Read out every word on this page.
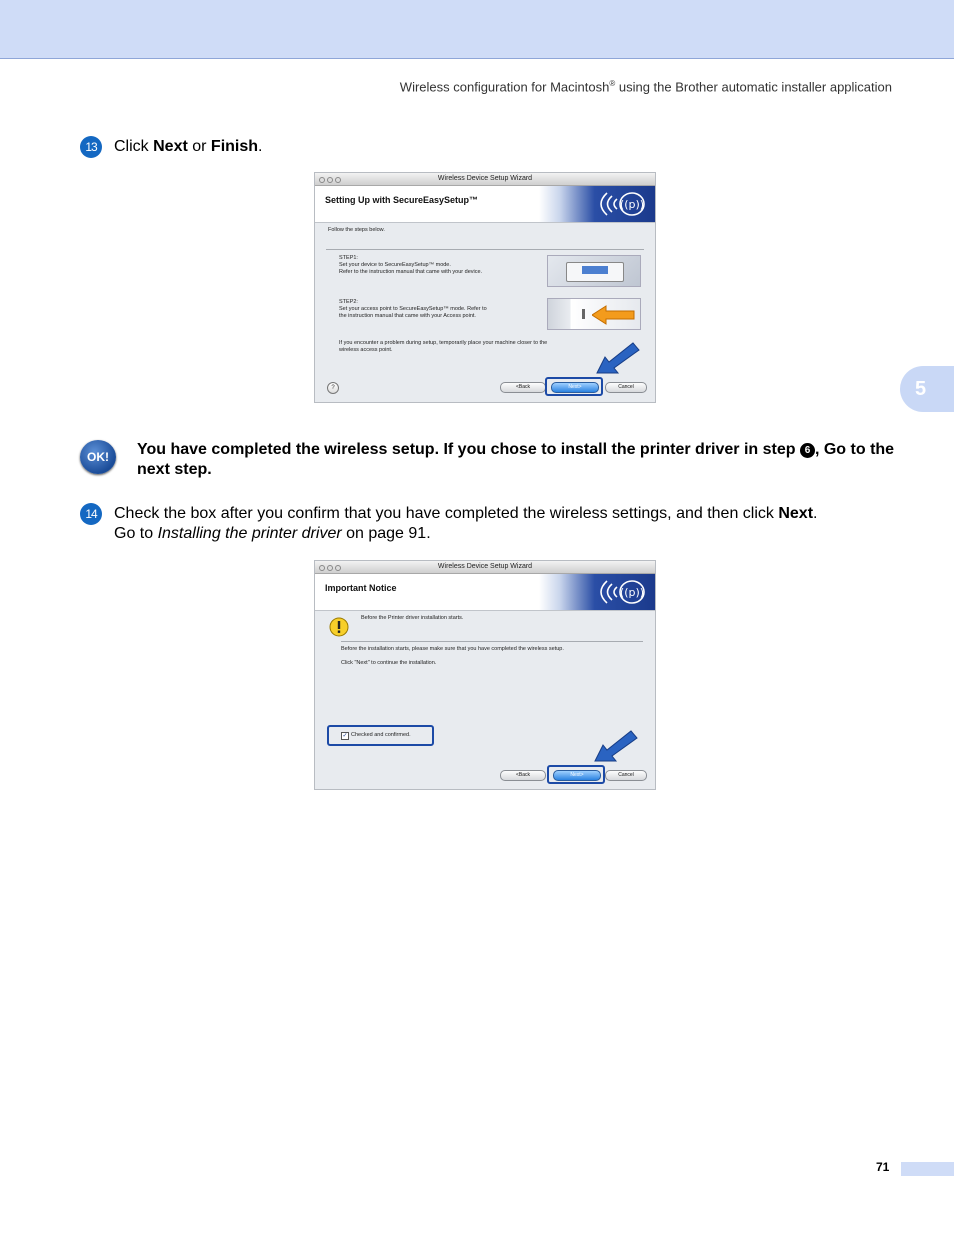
Wireless configuration for Macintosh® using the Brother automatic installer application
5
13	Click Next or Finish.
Wireless Device Setup Wizard
Setting Up with SecureEasySetup™	((p))
Follow the steps below.
STEP1:
Set your device to SecureEasySetup™ mode.
Refer to the instruction manual that came with your device.
STEP2:
Set your access point to SecureEasySetup™ mode. Refer to
the instruction manual that came with your Access point.
If you encounter a problem during setup, temporarily place your machine closer to the
wireless access point.
?	<Back	Next>	Cancel
OK!	You have completed the wireless setup. If you chose to install the printer driver in step 6 , Go to the next step.
14	Check the box after you confirm that you have completed the wireless settings, and then click Next.
Go to Installing the printer driver on page 91.
Wireless Device Setup Wizard
Important Notice	((p))
Before the Printer driver installation starts.
Before the installation starts, please make sure that you have completed the wireless setup.
Click "Next" to continue the installation.
✓ Checked and confirmed.
<Back	Next>	Cancel
71
